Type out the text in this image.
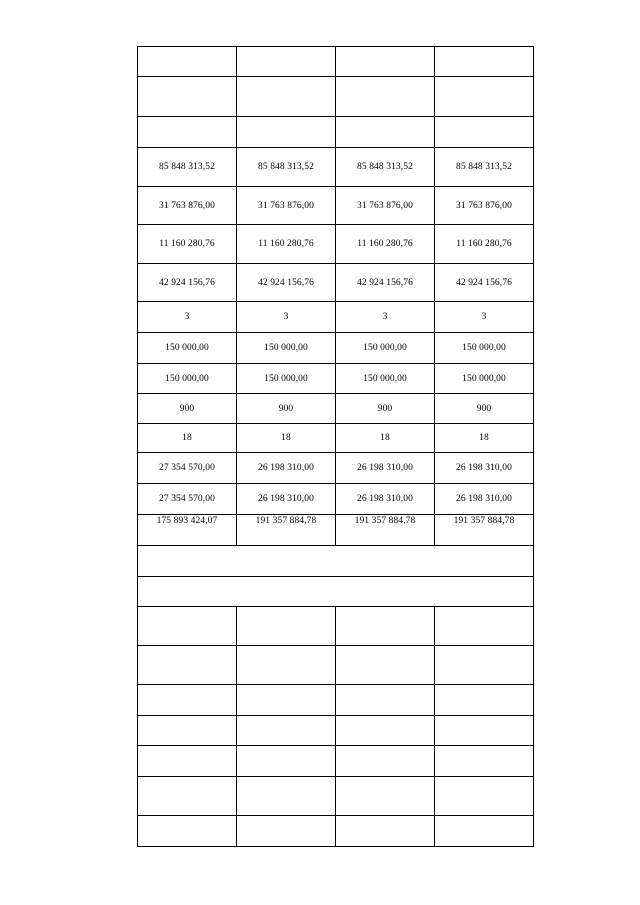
85 848 313,52	85 848 313,52	85 848 313,52	85 848 313,52
31 763 876,00	31 763 876,00	31 763 876,00	31 763 876,00
11 160 280,76	11 160 280,76	11 160 280,76	11 160 280,76
42 924 156,76	42 924 156,76	42 924 156,76	42 924 156,76
3	3	3	3
150 000,00	150 000,00	150 000,00	150 000,00
150 000,00	150 000,00	150 000,00	150 000,00
900	900	900	900
18	18	18	18
27 354 570,00	26 198 310,00	26 198 310,00	26 198 310,00
27 354 570,00	26 198 310,00	26 198 310,00	26 198 310,00
175 893 424,07	191 357 884,78	191 357 884,78	191 357 884,78
